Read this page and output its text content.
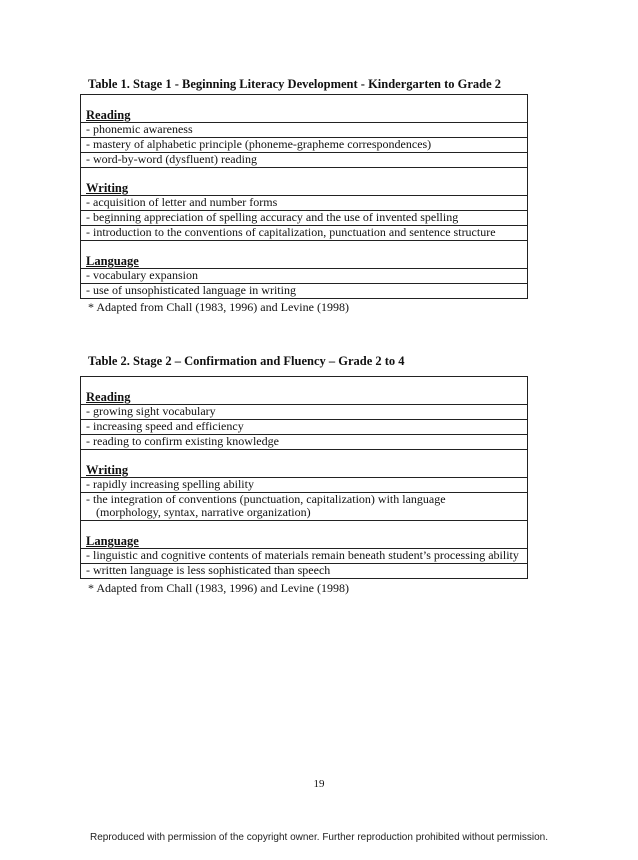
Table 1. Stage 1 - Beginning Literacy Development - Kindergarten to Grade 2
Reading
- phonemic awareness
- mastery of alphabetic principle (phoneme-grapheme correspondences)
- word-by-word (dysfluent) reading
Writing
- acquisition of letter and number forms
- beginning appreciation of spelling accuracy and the use of invented spelling
- introduction to the conventions of capitalization, punctuation and sentence structure
Language
- vocabulary expansion
- use of unsophisticated language in writing
* Adapted from Chall (1983, 1996) and Levine (1998)
Table 2. Stage 2 – Confirmation and Fluency – Grade 2 to 4
Reading
- growing sight vocabulary
- increasing speed and efficiency
- reading to confirm existing knowledge
Writing
- rapidly increasing spelling ability
- the integration of conventions (punctuation, capitalization) with language
(morphology, syntax, narrative organization)
Language
- linguistic and cognitive contents of materials remain beneath student’s processing ability
- written language is less sophisticated than speech
* Adapted from Chall (1983, 1996) and Levine (1998)
19
Reproduced with permission of the copyright owner. Further reproduction prohibited without permission.
